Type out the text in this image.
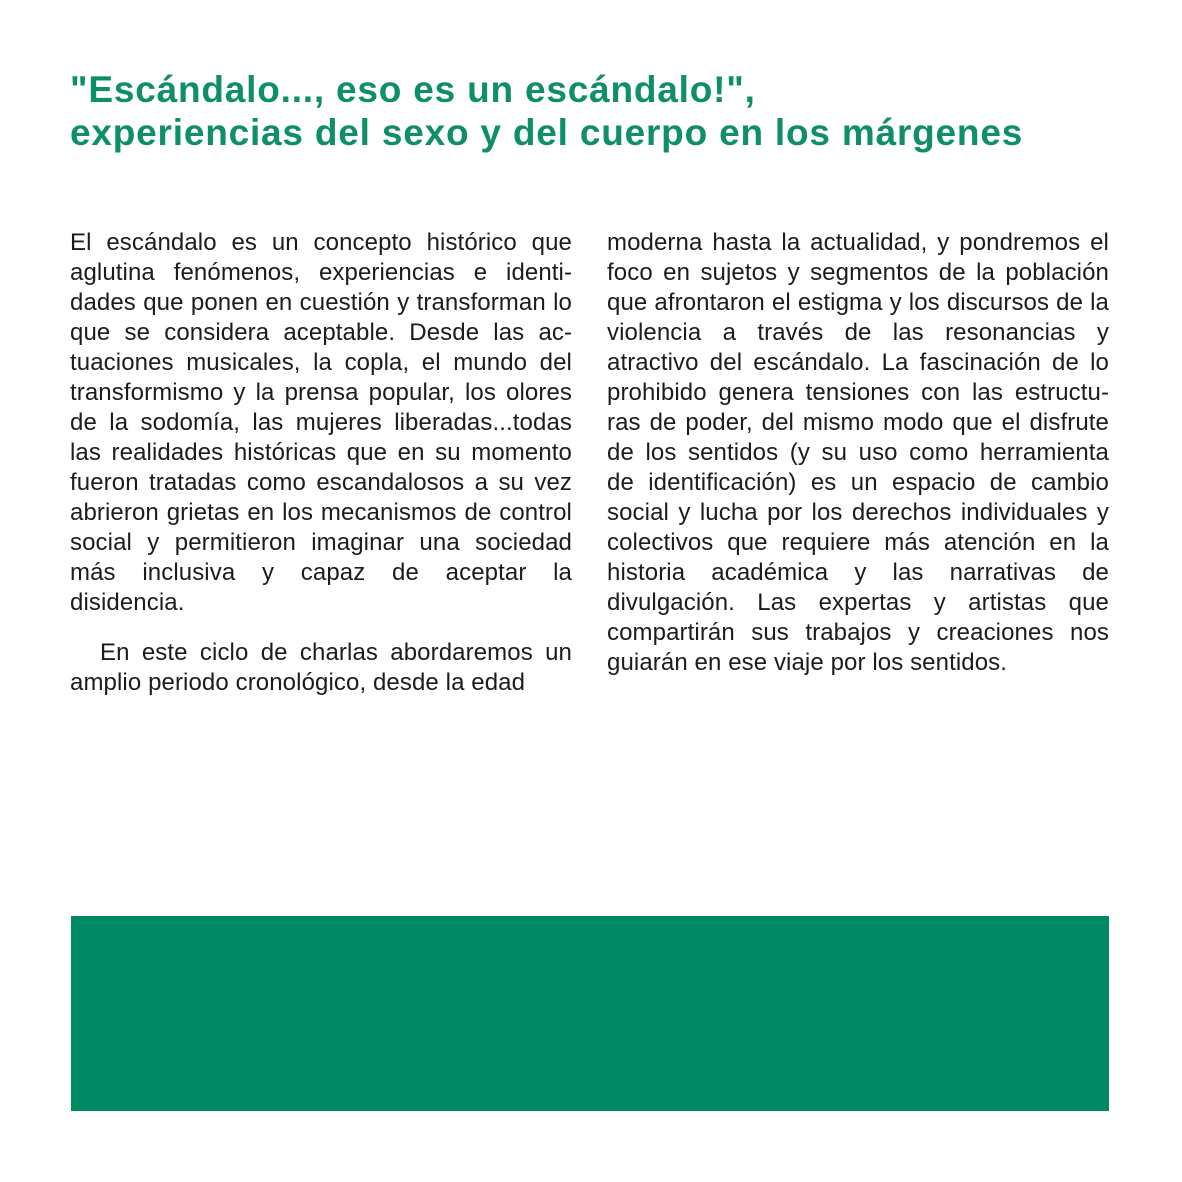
"Escándalo..., eso es un escándalo!",
experiencias del sexo y del cuerpo en los márgenes

El escándalo es un concepto histórico que aglutina fenómenos, experiencias e identidades que ponen en cuestión y transforman lo que se considera aceptable. Desde las actuaciones musicales, la copla, el mundo del transformismo y la prensa popular, los olores de la sodomía, las mujeres liberadas...todas las realidades históricas que en su momento fueron tratadas como escandalosos a su vez abrieron grietas en los mecanismos de control social y permitieron imaginar una sociedad más inclusiva y capaz de aceptar la disidencia.

En este ciclo de charlas abordaremos un amplio periodo cronológico, desde la edad

moderna hasta la actualidad, y pondremos el foco en sujetos y segmentos de la población que afrontaron el estigma y los discursos de la violencia a través de las resonancias y atractivo del escándalo. La fascinación de lo prohibido genera tensiones con las estructuras de poder, del mismo modo que el disfrute de los sentidos (y su uso como herramienta de identificación) es un espacio de cambio social y lucha por los derechos individuales y colectivos que requiere más atención en la historia académica y las narrativas de divulgación. Las expertas y artistas que compartirán sus trabajos y creaciones nos guiarán en ese viaje por los sentidos.
